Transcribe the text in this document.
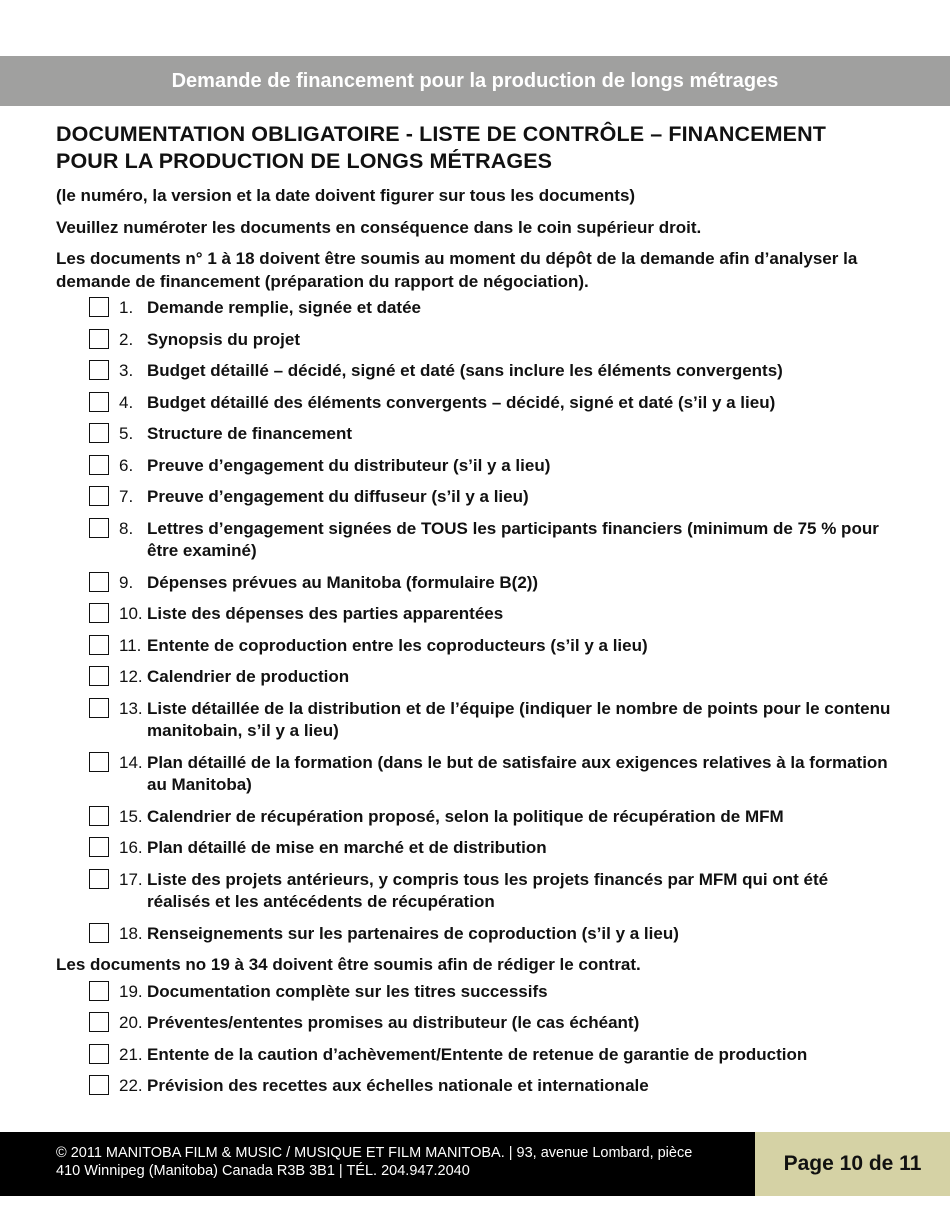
Demande de financement pour la production de longs métrages
DOCUMENTATION OBLIGATOIRE - LISTE DE CONTRÔLE – FINANCEMENT
POUR LA PRODUCTION DE LONGS MÉTRAGES

(le numéro, la version et la date doivent figurer sur tous les documents)

Veuillez numéroter les documents en conséquence dans le coin supérieur droit.

Les documents n° 1 à 18 doivent être soumis au moment du dépôt de la demande afin d’analyser la demande de financement (préparation du rapport de négociation).

1. Demande remplie, signée et datée
2. Synopsis du projet
3. Budget détaillé – décidé, signé et daté (sans inclure les éléments convergents)
4. Budget détaillé des éléments convergents – décidé, signé et daté (s’il y a lieu)
5. Structure de financement
6. Preuve d’engagement du distributeur (s’il y a lieu)
7. Preuve d’engagement du diffuseur (s’il y a lieu)
8. Lettres d’engagement signées de TOUS les participants financiers (minimum de 75 % pour être examiné)
9. Dépenses prévues au Manitoba (formulaire B(2))
10. Liste des dépenses des parties apparentées
11. Entente de coproduction entre les coproducteurs (s’il y a lieu)
12. Calendrier de production
13. Liste détaillée de la distribution et de l’équipe (indiquer le nombre de points pour le contenu manitobain, s’il y a lieu)
14. Plan détaillé de la formation (dans le but de satisfaire aux exigences relatives à la formation au Manitoba)
15. Calendrier de récupération proposé, selon la politique de récupération de MFM
16. Plan détaillé de mise en marché et de distribution
17. Liste des projets antérieurs, y compris tous les projets financés par MFM qui ont été réalisés et les antécédents de récupération
18. Renseignements sur les partenaires de coproduction (s’il y a lieu)

Les documents no 19 à 34 doivent être soumis afin de rédiger le contrat.

19. Documentation complète sur les titres successifs
20. Préventes/ententes promises au distributeur (le cas échéant)
21. Entente de la caution d’achèvement/Entente de retenue de garantie de production
22. Prévision des recettes aux échelles nationale et internationale
© 2011 MANITOBA FILM & MUSIC / MUSIQUE ET FILM MANITOBA. | 93, avenue Lombard, pièce
410 Winnipeg (Manitoba) Canada R3B 3B1 | TÉL. 204.947.2040	Page 10 de 11
